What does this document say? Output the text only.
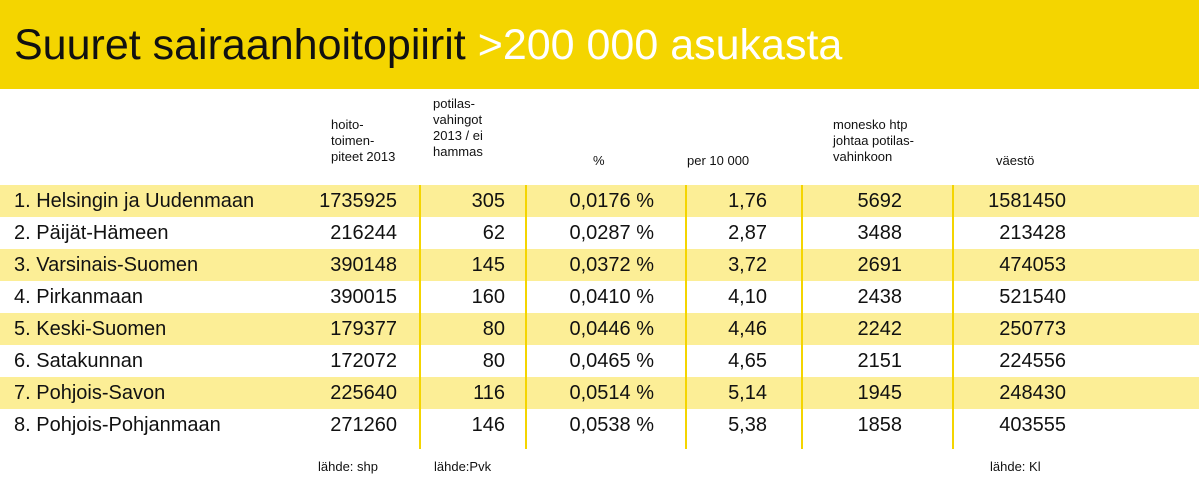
Suuret sairaanhoitopiirit >200 000 asukasta
hoito-
toimen-
piteet 2013
potilas-
vahingot
2013 / ei
hammas
%	per 10 000
monesko htp
johtaa potilas-
vahinkoon	väestö
1. Helsingin ja Uudenmaan	1735925	305	0,0176 %	1,76	5692	1581450
2. Päijät-Hämeen	216244	62	0,0287 %	2,87	3488	213428
3. Varsinais-Suomen	390148	145	0,0372 %	3,72	2691	474053
4. Pirkanmaan	390015	160	0,0410 %	4,10	2438	521540
5. Keski-Suomen	179377	80	0,0446 %	4,46	2242	250773
6. Satakunnan	172072	80	0,0465 %	4,65	2151	224556
7. Pohjois-Savon	225640	116	0,0514 %	5,14	1945	248430
8. Pohjois-Pohjanmaan	271260	146	0,0538 %	5,38	1858	403555
lähde: shp	lähde:Pvk	lähde: Kl
